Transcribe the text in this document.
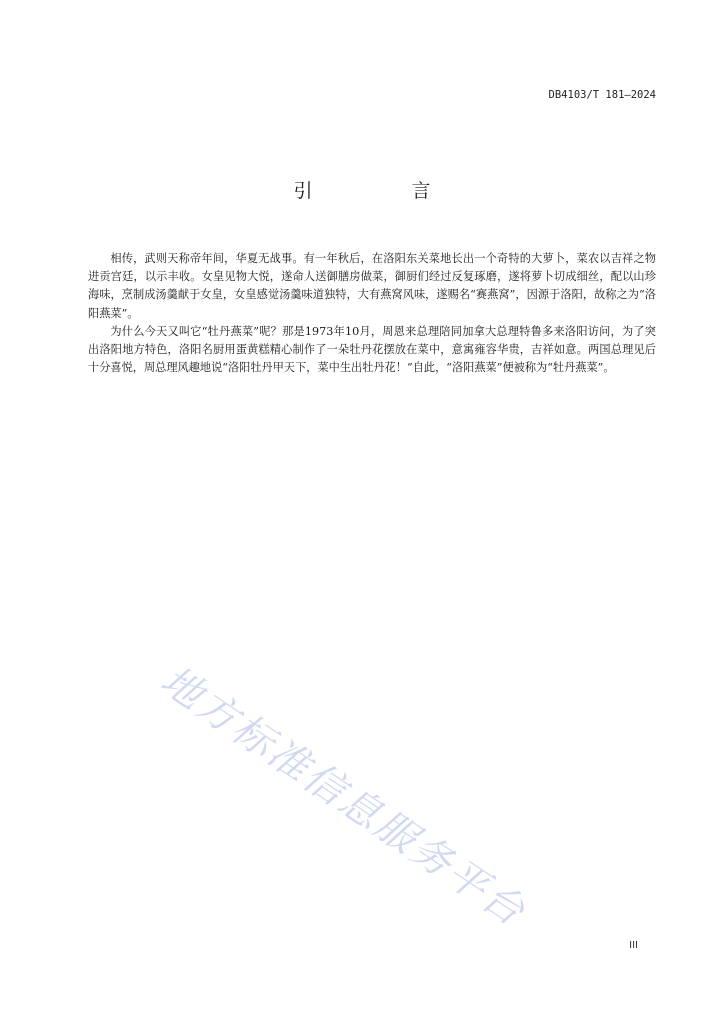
DB4103/T 181—2024
引　言

相传，武则天称帝年间，华夏无战事。有一年秋后，在洛阳东关菜地长出一个奇特的大萝卜，菜农以吉祥之物进贡宫廷，以示丰收。女皇见物大悦，遂命人送御膳房做菜，御厨们经过反复琢磨，遂将萝卜切成细丝，配以山珍海味，烹制成汤羹献于女皇，女皇感觉汤羹味道独特，大有燕窝风味，遂赐名“赛燕窝”，因源于洛阳，故称之为“洛阳燕菜”。

为什么今天又叫它“牡丹燕菜”呢？那是1973年10月，周恩来总理陪同加拿大总理特鲁多来洛阳访问，为了突出洛阳地方特色，洛阳名厨用蛋黄糕精心制作了一朵牡丹花摆放在菜中，意寓雍容华贵，吉祥如意。两国总理见后十分喜悦，周总理风趣地说“洛阳牡丹甲天下，菜中生出牡丹花！”自此，“洛阳燕菜”便被称为“牡丹燕菜”。

地方标准信息服务平台
III
